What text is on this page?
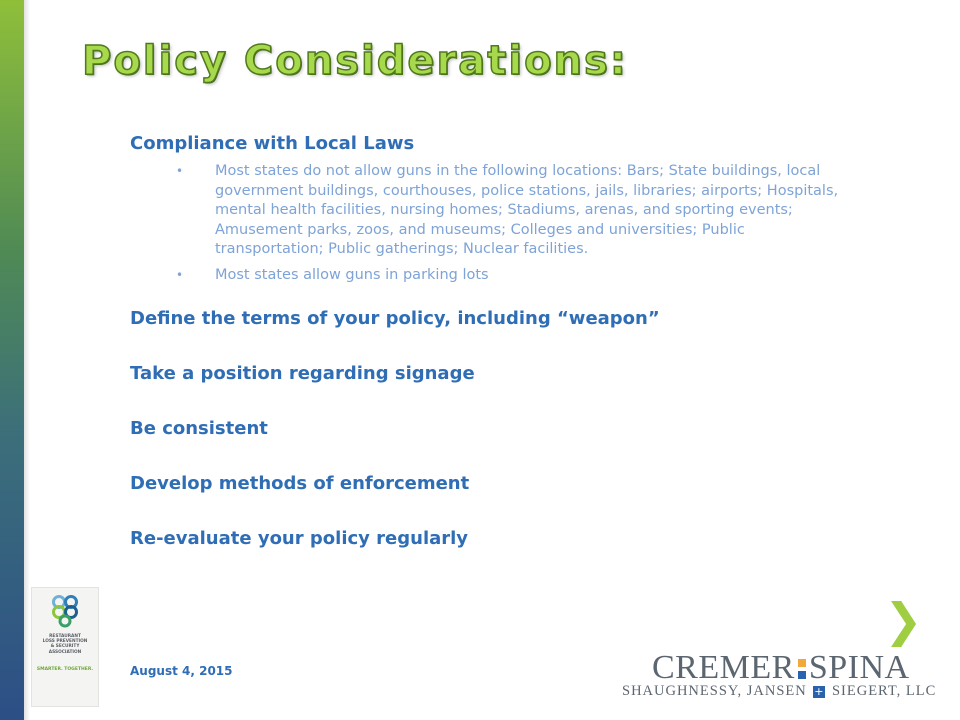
Policy Considerations:

Compliance with Local Laws

• Most states do not allow guns in the following locations: Bars; State buildings, local government buildings, courthouses, police stations, jails, libraries; airports; Hospitals, mental health facilities, nursing homes; Stadiums, arenas, and sporting events; Amusement parks, zoos, and museums; Colleges and universities; Public transportation; Public gatherings; Nuclear facilities.
• Most states allow guns in parking lots

Define the terms of your policy, including “weapon”

Take a position regarding signage

Be consistent

Develop methods of enforcement

Re-evaluate your policy regularly

RESTAURANT
LOSS PREVENTION
& SECURITY
ASSOCIATION
SMARTER. TOGETHER.	August 4, 2015
❯
CREMER SPINA
SHAUGHNESSY, JANSEN + SIEGERT, LLC
